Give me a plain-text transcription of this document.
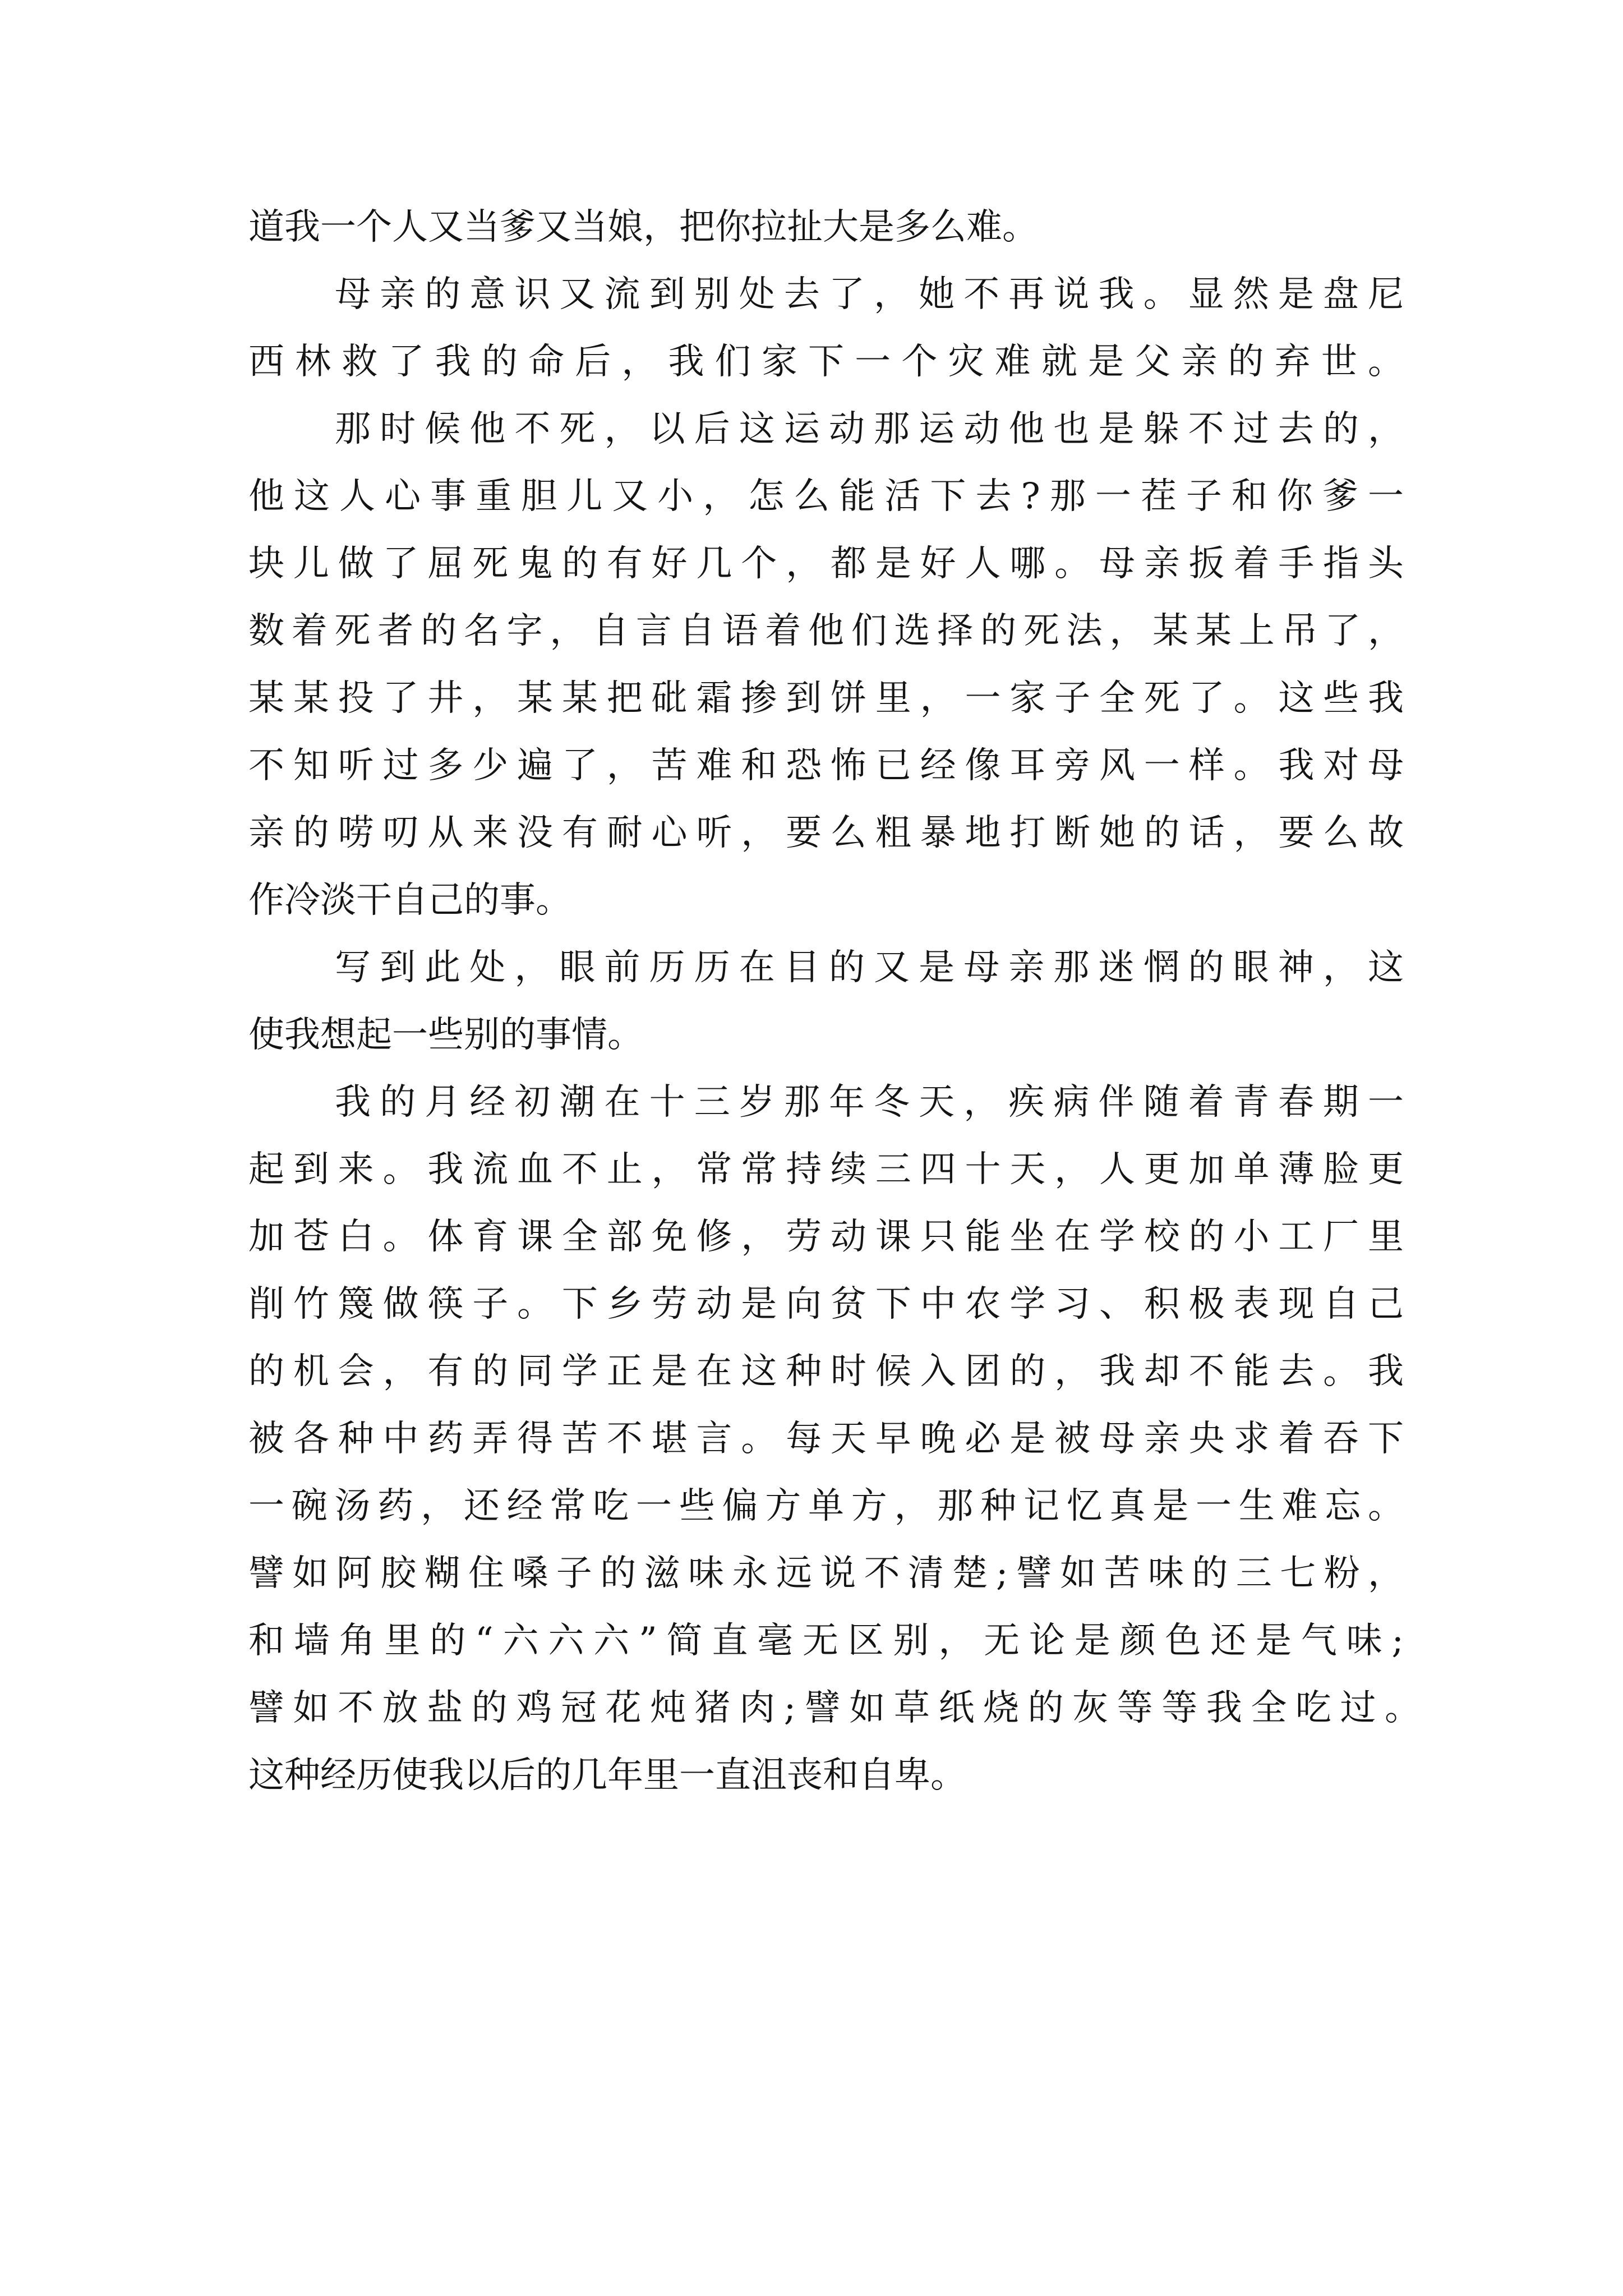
道我一个人又当爹又当娘，把你拉扯大是多么难。
母亲的意识又流到别处去了，她不再说我。显然是盘尼
西林救了我的命后，我们家下一个灾难就是父亲的弃世。
那时候他不死，以后这运动那运动他也是躲不过去的，
他这人心事重胆儿又小，怎么能活下去?那一茬子和你爹一
块儿做了屈死鬼的有好几个，都是好人哪。母亲扳着手指头
数着死者的名字，自言自语着他们选择的死法，某某上吊了，
某某投了井，某某把砒霜掺到饼里，一家子全死了。这些我
不知听过多少遍了，苦难和恐怖已经像耳旁风一样。我对母
亲的唠叨从来没有耐心听，要么粗暴地打断她的话，要么故
作冷淡干自己的事。
写到此处，眼前历历在目的又是母亲那迷惘的眼神，这
使我想起一些别的事情。
我的月经初潮在十三岁那年冬天，疾病伴随着青春期一
起到来。我流血不止，常常持续三四十天，人更加单薄脸更
加苍白。体育课全部免修，劳动课只能坐在学校的小工厂里
削竹篾做筷子。下乡劳动是向贫下中农学习、积极表现自己
的机会，有的同学正是在这种时候入团的，我却不能去。我
被各种中药弄得苦不堪言。每天早晚必是被母亲央求着吞下
一碗汤药，还经常吃一些偏方单方，那种记忆真是一生难忘。
譬如阿胶糊住嗓子的滋味永远说不清楚;譬如苦味的三七粉，
和墙角里的“六六六”简直毫无区别，无论是颜色还是气味;
譬如不放盐的鸡冠花炖猪肉;譬如草纸烧的灰等等我全吃过。
这种经历使我以后的几年里一直沮丧和自卑。
